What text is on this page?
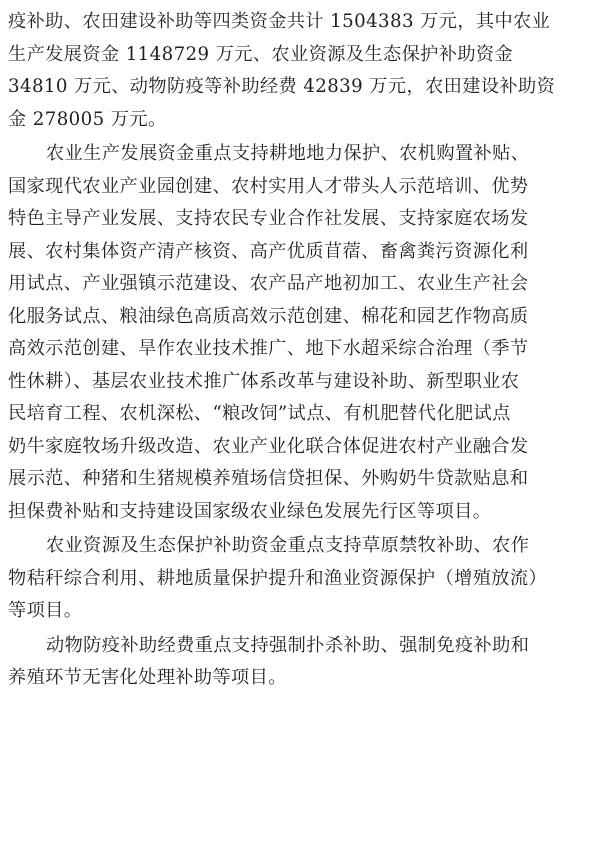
疫补助、农田建设补助等四类资金共计 1504383 万元，其中农业
生产发展资金 1148729 万元、农业资源及生态保护补助资金
34810 万元、动物防疫等补助经费 42839 万元，农田建设补助资
金 278005 万元。
农业生产发展资金重点支持耕地地力保护、农机购置补贴、
国家现代农业产业园创建、农村实用人才带头人示范培训、优势
特色主导产业发展、支持农民专业合作社发展、支持家庭农场发
展、农村集体资产清产核资、高产优质苜蓿、畜禽粪污资源化利
用试点、产业强镇示范建设、农产品产地初加工、农业生产社会
化服务试点、粮油绿色高质高效示范创建、棉花和园艺作物高质
高效示范创建、旱作农业技术推广、地下水超采综合治理（季节
性休耕）、基层农业技术推广体系改革与建设补助、新型职业农
民培育工程、农机深松、“粮改饲”试点、有机肥替代化肥试点
奶牛家庭牧场升级改造、农业产业化联合体促进农村产业融合发
展示范、种猪和生猪规模养殖场信贷担保、外购奶牛贷款贴息和
担保费补贴和支持建设国家级农业绿色发展先行区等项目。
农业资源及生态保护补助资金重点支持草原禁牧补助、农作
物秸秆综合利用、耕地质量保护提升和渔业资源保护（增殖放流）
等项目。
动物防疫补助经费重点支持强制扑杀补助、强制免疫补助和
养殖环节无害化处理补助等项目。
